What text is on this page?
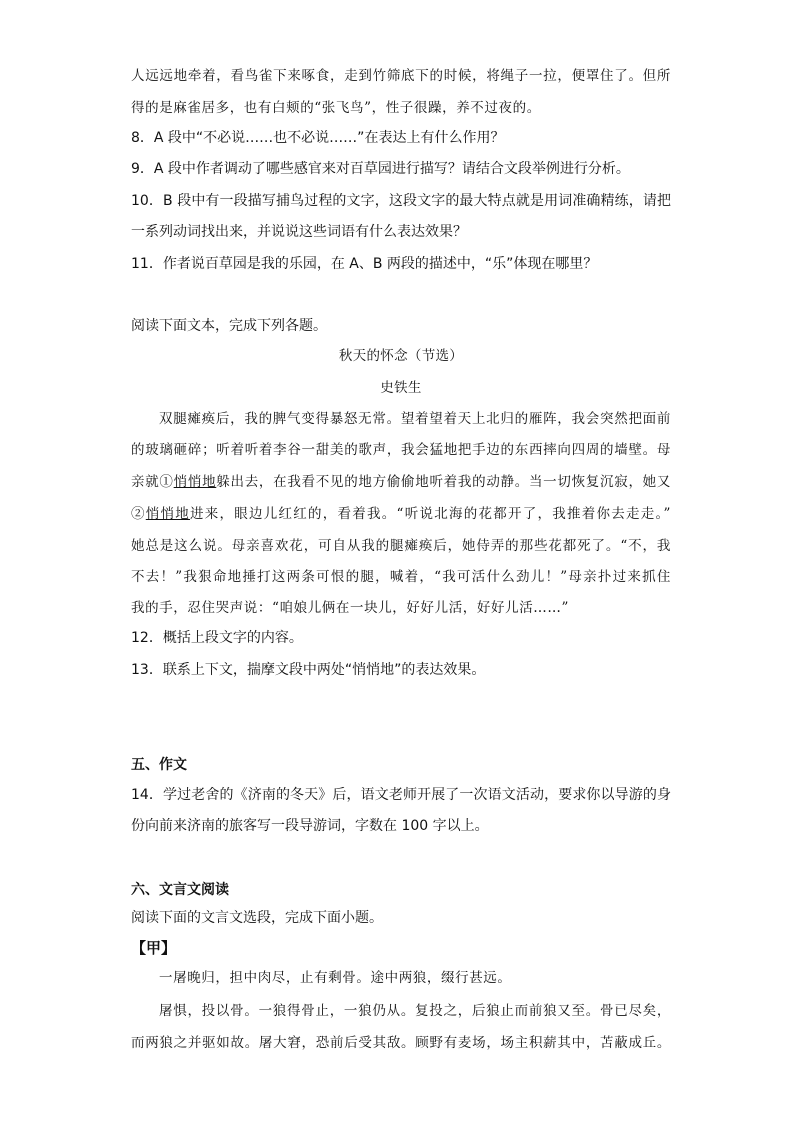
人远远地牵着，看鸟雀下来啄食，走到竹筛底下的时候，将绳子一拉，便罩住了。但所
得的是麻雀居多，也有白颊的“张飞鸟”，性子很躁，养不过夜的。
8．A 段中“不必说……也不必说……”在表达上有什么作用？
9．A 段中作者调动了哪些感官来对百草园进行描写？请结合文段举例进行分析。
10．B 段中有一段描写捕鸟过程的文字，这段文字的最大特点就是用词准确精练，请把
一系列动词找出来，并说说这些词语有什么表达效果？
11．作者说百草园是我的乐园，在 A、B 两段的描述中，“乐”体现在哪里？
阅读下面文本，完成下列各题。
秋天的怀念（节选）
史铁生
双腿瘫痪后，我的脾气变得暴怒无常。望着望着天上北归的雁阵，我会突然把面前
的玻璃砸碎；听着听着李谷一甜美的歌声，我会猛地把手边的东西摔向四周的墙壁。母
亲就①悄悄地躲出去，在我看不见的地方偷偷地听着我的动静。当一切恢复沉寂，她又
②悄悄地进来，眼边儿红红的，看着我。“听说北海的花都开了，我推着你去走走。”
她总是这么说。母亲喜欢花，可自从我的腿瘫痪后，她侍弄的那些花都死了。“不，我
不去！”我狠命地捶打这两条可恨的腿，喊着，“我可活什么劲儿！”母亲扑过来抓住
我的手，忍住哭声说：“咱娘儿俩在一块儿，好好儿活，好好儿活……”
12．概括上段文字的内容。
13．联系上下文，揣摩文段中两处“悄悄地”的表达效果。
五、作文
14．学过老舍的《济南的冬天》后，语文老师开展了一次语文活动，要求你以导游的身
份向前来济南的旅客写一段导游词，字数在 100 字以上。
六、文言文阅读
阅读下面的文言文选段，完成下面小题。
【甲】
一屠晚归，担中肉尽，止有剩骨。途中两狼，缀行甚远。
屠惧，投以骨。一狼得骨止，一狼仍从。复投之，后狼止而前狼又至。骨已尽矣，
而两狼之并驱如故。屠大窘，恐前后受其敌。顾野有麦场，场主积薪其中，苫蔽成丘。
